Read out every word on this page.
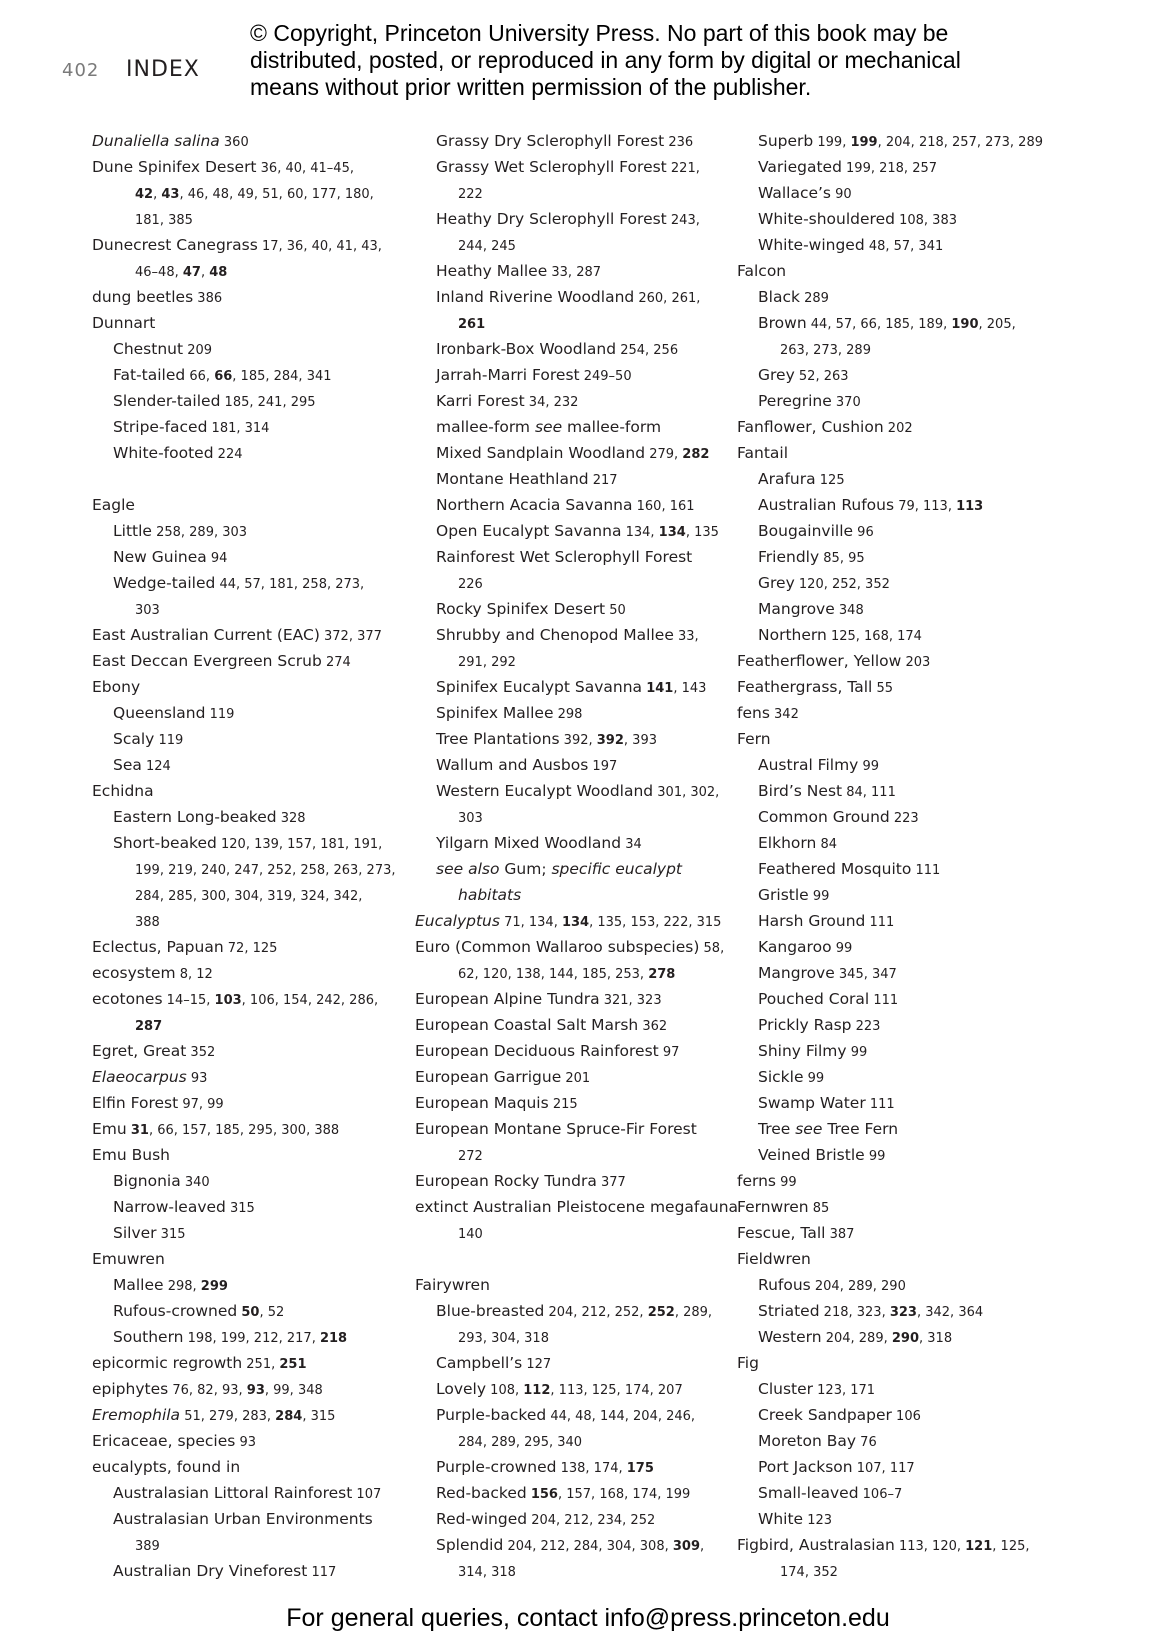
402 INDEX
© Copyright, Princeton University Press. No part of this book may be
distributed, posted, or reproduced in any form by digital or mechanical
means without prior written permission of the publisher.
Dunaliella salina 360
Dune Spinifex Desert 36, 40, 41–45,
42, 43, 46, 48, 49, 51, 60, 177, 180,
181, 385
Dunecrest Canegrass 17, 36, 40, 41, 43,
46–48, 47, 48
dung beetles 386
Dunnart
Chestnut 209
Fat-tailed 66, 66, 185, 284, 341
Slender-tailed 185, 241, 295
Stripe-faced 181, 314
White-footed 224
Eagle
Little 258, 289, 303
New Guinea 94
Wedge-tailed 44, 57, 181, 258, 273,
303
East Australian Current (EAC) 372, 377
East Deccan Evergreen Scrub 274
Ebony
Queensland 119
Scaly 119
Sea 124
Echidna
Eastern Long-beaked 328
Short-beaked 120, 139, 157, 181, 191,
199, 219, 240, 247, 252, 258, 263, 273,
284, 285, 300, 304, 319, 324, 342,
388
Eclectus, Papuan 72, 125
ecosystem 8, 12
ecotones 14–15, 103, 106, 154, 242, 286,
287
Egret, Great 352
Elaeocarpus 93
Elfin Forest 97, 99
Emu 31, 66, 157, 185, 295, 300, 388
Emu Bush
Bignonia 340
Narrow-leaved 315
Silver 315
Emuwren
Mallee 298, 299
Rufous-crowned 50, 52
Southern 198, 199, 212, 217, 218
epicormic regrowth 251, 251
epiphytes 76, 82, 93, 93, 99, 348
Eremophila 51, 279, 283, 284, 315
Ericaceae, species 93
eucalypts, found in
Australasian Littoral Rainforest 107
Australasian Urban Environments
389
Australian Dry Vineforest 117
Grassy Dry Sclerophyll Forest 236
Grassy Wet Sclerophyll Forest 221,
222
Heathy Dry Sclerophyll Forest 243,
244, 245
Heathy Mallee 33, 287
Inland Riverine Woodland 260, 261,
261
Ironbark-Box Woodland 254, 256
Jarrah-Marri Forest 249–50
Karri Forest 34, 232
mallee-form see mallee-form
Mixed Sandplain Woodland 279, 282
Montane Heathland 217
Northern Acacia Savanna 160, 161
Open Eucalypt Savanna 134, 134, 135
Rainforest Wet Sclerophyll Forest
226
Rocky Spinifex Desert 50
Shrubby and Chenopod Mallee 33,
291, 292
Spinifex Eucalypt Savanna 141, 143
Spinifex Mallee 298
Tree Plantations 392, 392, 393
Wallum and Ausbos 197
Western Eucalypt Woodland 301, 302,
303
Yilgarn Mixed Woodland 34
see also Gum; specific eucalypt
habitats
Eucalyptus 71, 134, 134, 135, 153, 222, 315
Euro (Common Wallaroo subspecies) 58,
62, 120, 138, 144, 185, 253, 278
European Alpine Tundra 321, 323
European Coastal Salt Marsh 362
European Deciduous Rainforest 97
European Garrigue 201
European Maquis 215
European Montane Spruce-Fir Forest
272
European Rocky Tundra 377
extinct Australian Pleistocene megafauna
140
Fairywren
Blue-breasted 204, 212, 252, 252, 289,
293, 304, 318
Campbell’s 127
Lovely 108, 112, 113, 125, 174, 207
Purple-backed 44, 48, 144, 204, 246,
284, 289, 295, 340
Purple-crowned 138, 174, 175
Red-backed 156, 157, 168, 174, 199
Red-winged 204, 212, 234, 252
Splendid 204, 212, 284, 304, 308, 309,
314, 318
Superb 199, 199, 204, 218, 257, 273, 289
Variegated 199, 218, 257
Wallace’s 90
White-shouldered 108, 383
White-winged 48, 57, 341
Falcon
Black 289
Brown 44, 57, 66, 185, 189, 190, 205,
263, 273, 289
Grey 52, 263
Peregrine 370
Fanflower, Cushion 202
Fantail
Arafura 125
Australian Rufous 79, 113, 113
Bougainville 96
Friendly 85, 95
Grey 120, 252, 352
Mangrove 348
Northern 125, 168, 174
Featherflower, Yellow 203
Feathergrass, Tall 55
fens 342
Fern
Austral Filmy 99
Bird’s Nest 84, 111
Common Ground 223
Elkhorn 84
Feathered Mosquito 111
Gristle 99
Harsh Ground 111
Kangaroo 99
Mangrove 345, 347
Pouched Coral 111
Prickly Rasp 223
Shiny Filmy 99
Sickle 99
Swamp Water 111
Tree see Tree Fern
Veined Bristle 99
ferns 99
Fernwren 85
Fescue, Tall 387
Fieldwren
Rufous 204, 289, 290
Striated 218, 323, 323, 342, 364
Western 204, 289, 290, 318
Fig
Cluster 123, 171
Creek Sandpaper 106
Moreton Bay 76
Port Jackson 107, 117
Small-leaved 106–7
White 123
Figbird, Australasian 113, 120, 121, 125,
174, 352
For general queries, contact info@press.princeton.edu
